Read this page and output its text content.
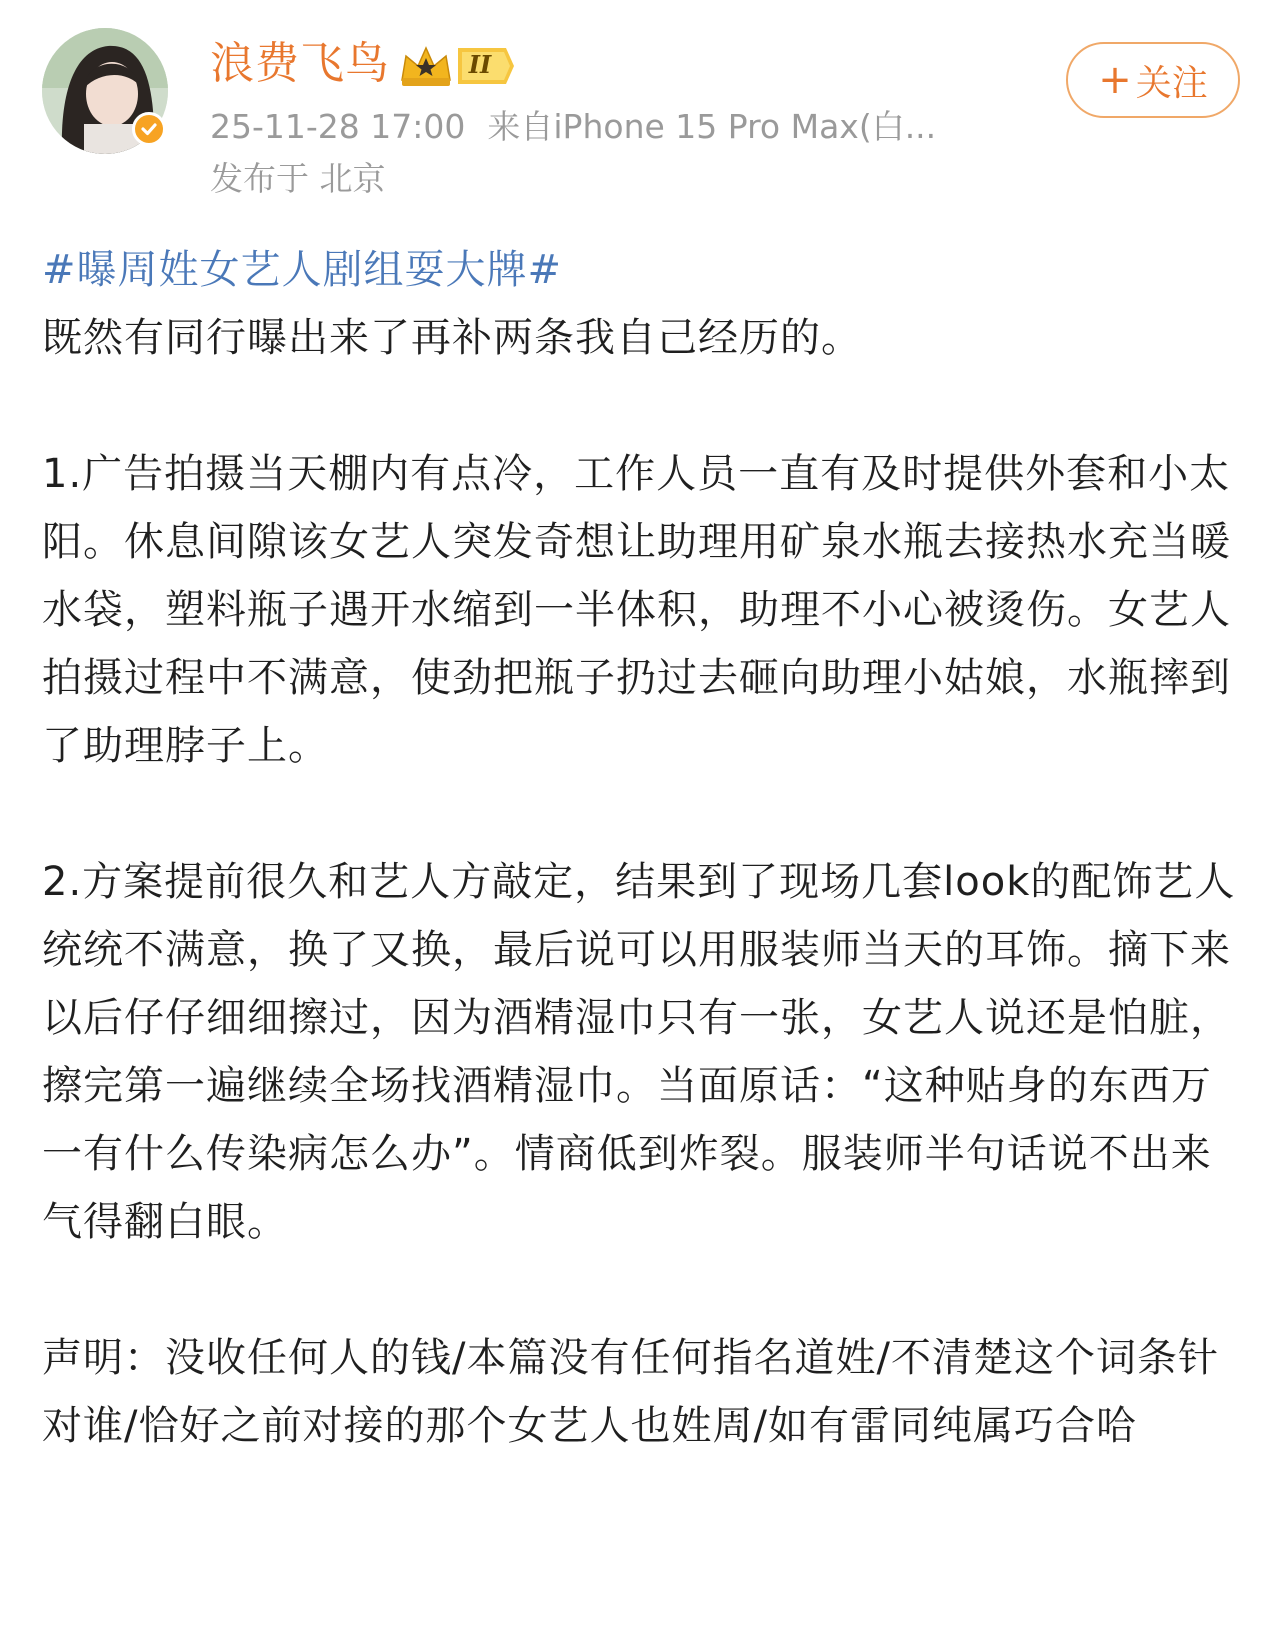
浪费飞鸟	II
25-11-28 17:00 来自iPhone 15 Pro Max(白...
发布于 北京
+ 关注

#曝周姓女艺人剧组耍大牌#

既然有同行曝出来了再补两条我自己经历的。

1.广告拍摄当天棚内有点冷，工作人员一直有及时提供外套和小太阳。休息间隙该女艺人突发奇想让助理用矿泉水瓶去接热水充当暖水袋，塑料瓶子遇开水缩到一半体积，助理不小心被烫伤。女艺人拍摄过程中不满意，使劲把瓶子扔过去砸向助理小姑娘，水瓶摔到了助理脖子上。

2.方案提前很久和艺人方敲定，结果到了现场几套look的配饰艺人统统不满意，换了又换，最后说可以用服装师当天的耳饰。摘下来以后仔仔细细擦过，因为酒精湿巾只有一张，女艺人说还是怕脏，擦完第一遍继续全场找酒精湿巾。当面原话：“这种贴身的东西万一有什么传染病怎么办”。情商低到炸裂。服装师半句话说不出来气得翻白眼。

声明：没收任何人的钱/本篇没有任何指名道姓/不清楚这个词条针对谁/恰好之前对接的那个女艺人也姓周/如有雷同纯属巧合哈
